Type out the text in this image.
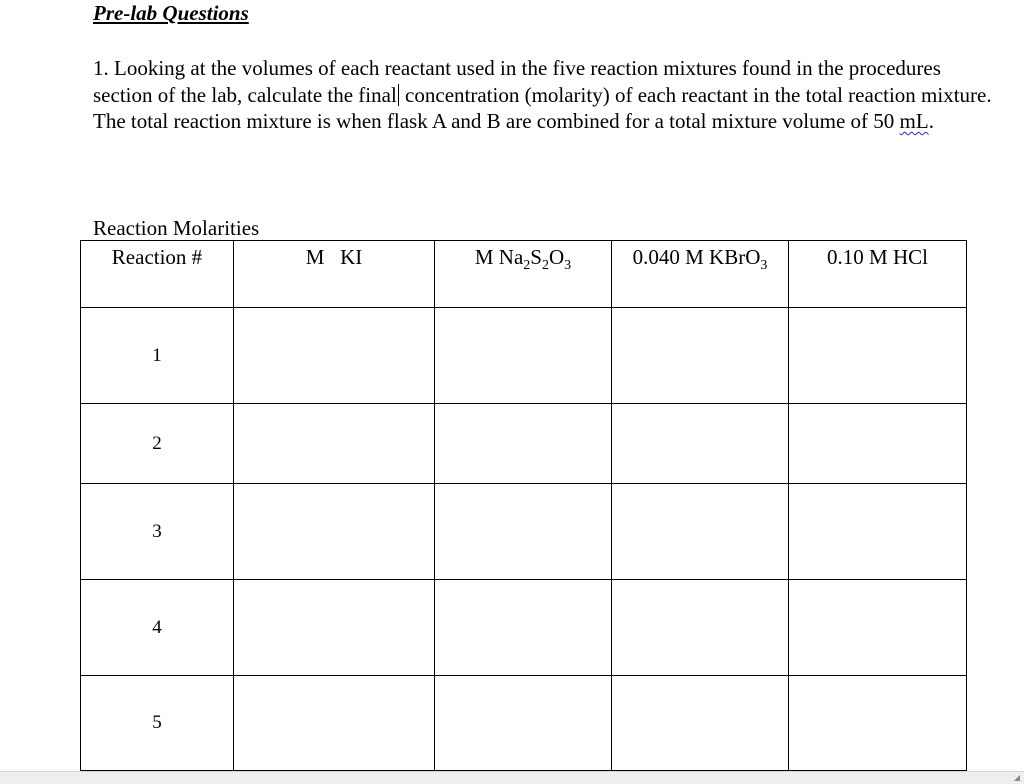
Pre-lab Questions

1. Looking at the volumes of each reactant used in the five reaction mixtures found in the procedures section of the lab, calculate the final concentration (molarity) of each reactant in the total reaction mixture. The total reaction mixture is when flask A and B are combined for a total mixture volume of 50 mL.

Reaction Molarities
Reaction #	M   KI	M $Na_2S_2O_3$	0.040 M KBrO$_3$	0.10 M HCl
1				
2				
3				
4				
5				
◢
